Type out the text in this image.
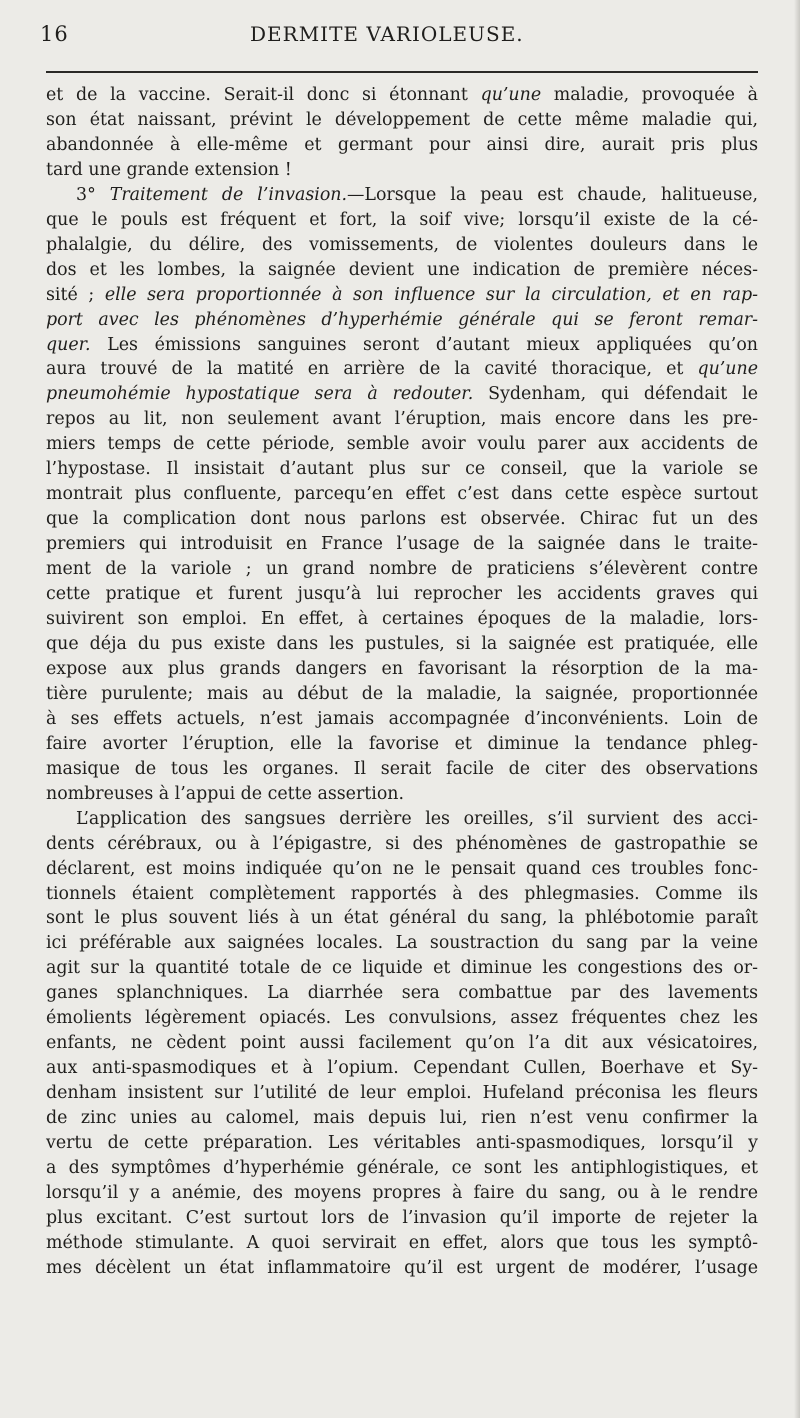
16	DERMITE VARIOLEUSE.

et de la vaccine. Serait-il donc si étonnant qu’une maladie, provoquée à
son état naissant, prévint le développement de cette même maladie qui,
abandonnée à elle-même et germant pour ainsi dire, aurait pris plus
tard une grande extension !

3° Traitement de l’invasion.—Lorsque la peau est chaude, halitueuse,
que le pouls est fréquent et fort, la soif vive; lorsqu’il existe de la cé-
phalalgie, du délire, des vomissements, de violentes douleurs dans le
dos et les lombes, la saignée devient une indication de première néces-
sité ; elle sera proportionnée à son influence sur la circulation, et en rap-
port avec les phénomènes d’hyperhémie générale qui se feront remar-
quer. Les émissions sanguines seront d’autant mieux appliquées qu’on
aura trouvé de la matité en arrière de la cavité thoracique, et qu’une
pneumohémie hypostatique sera à redouter. Sydenham, qui défendait le
repos au lit, non seulement avant l’éruption, mais encore dans les pre-
miers temps de cette période, semble avoir voulu parer aux accidents de
l’hypostase. Il insistait d’autant plus sur ce conseil, que la variole se
montrait plus confluente, parcequ’en effet c’est dans cette espèce surtout
que la complication dont nous parlons est observée. Chirac fut un des
premiers qui introduisit en France l’usage de la saignée dans le traite-
ment de la variole ; un grand nombre de praticiens s’élevèrent contre
cette pratique et furent jusqu’à lui reprocher les accidents graves qui
suivirent son emploi. En effet, à certaines époques de la maladie, lors-
que déja du pus existe dans les pustules, si la saignée est pratiquée, elle
expose aux plus grands dangers en favorisant la résorption de la ma-
tière purulente; mais au début de la maladie, la saignée, proportionnée
à ses effets actuels, n’est jamais accompagnée d’inconvénients. Loin de
faire avorter l’éruption, elle la favorise et diminue la tendance phleg-
masique de tous les organes. Il serait facile de citer des observations
nombreuses à l’appui de cette assertion.

L’application des sangsues derrière les oreilles, s’il survient des acci-
dents cérébraux, ou à l’épigastre, si des phénomènes de gastropathie se
déclarent, est moins indiquée qu’on ne le pensait quand ces troubles fonc-
tionnels étaient complètement rapportés à des phlegmasies. Comme ils
sont le plus souvent liés à un état général du sang, la phlébotomie paraît
ici préférable aux saignées locales. La soustraction du sang par la veine
agit sur la quantité totale de ce liquide et diminue les congestions des or-
ganes splanchniques. La diarrhée sera combattue par des lavements
émolients légèrement opiacés. Les convulsions, assez fréquentes chez les
enfants, ne cèdent point aussi facilement qu’on l’a dit aux vésicatoires,
aux anti-spasmodiques et à l’opium. Cependant Cullen, Boerhave et Sy-
denham insistent sur l’utilité de leur emploi. Hufeland préconisa les fleurs
de zinc unies au calomel, mais depuis lui, rien n’est venu confirmer la
vertu de cette préparation. Les véritables anti-spasmodiques, lorsqu’il y
a des symptômes d’hyperhémie générale, ce sont les antiphlogistiques, et
lorsqu’il y a anémie, des moyens propres à faire du sang, ou à le rendre
plus excitant. C’est surtout lors de l’invasion qu’il importe de rejeter la
méthode stimulante. A quoi servirait en effet, alors que tous les symptô-
mes décèlent un état inflammatoire qu’il est urgent de modérer, l’usage
